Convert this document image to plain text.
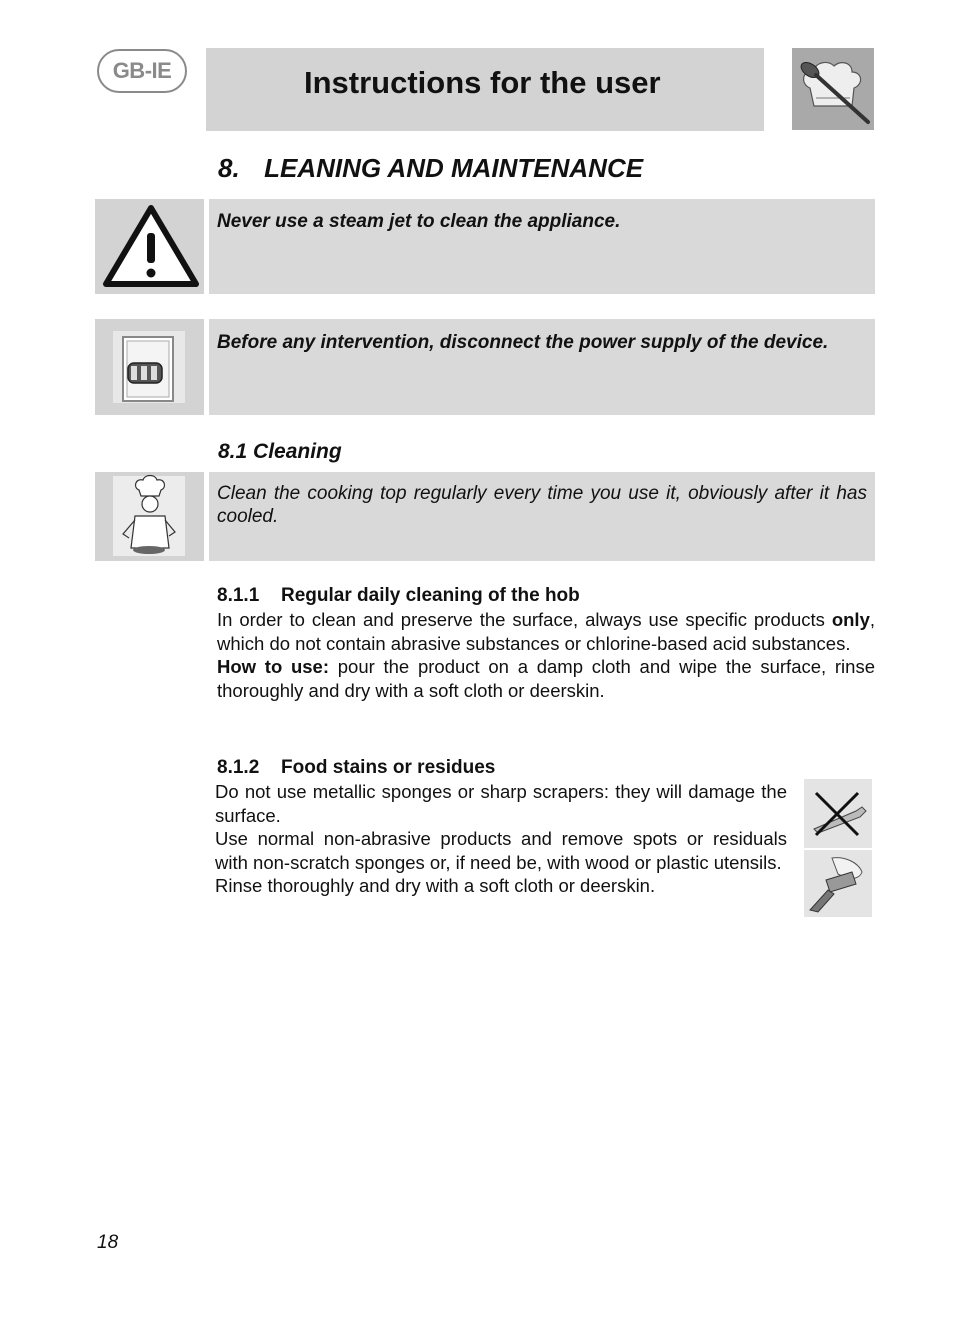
GB-IE	Instructions for the user
8. LEANING AND MAINTENANCE
Never use a steam jet to clean the appliance.
Before any intervention, disconnect the power supply of the device.
8.1 Cleaning
Clean the cooking top regularly every time you use it, obviously after it has cooled.
8.1.1 Regular daily cleaning of the hob

In order to clean and preserve the surface, always use specific products only, which do not contain abrasive substances or chlorine-based acid substances.

How to use: pour the product on a damp cloth and wipe the surface, rinse thoroughly and dry with a soft cloth or deerskin.

8.1.2 Food stains or residues

Do not use metallic sponges or sharp scrapers: they will damage the surface.

Use normal non-abrasive products and remove spots or residuals with non-scratch sponges or, if need be, with wood or plastic utensils.

Rinse thoroughly and dry with a soft cloth or deerskin.

18
